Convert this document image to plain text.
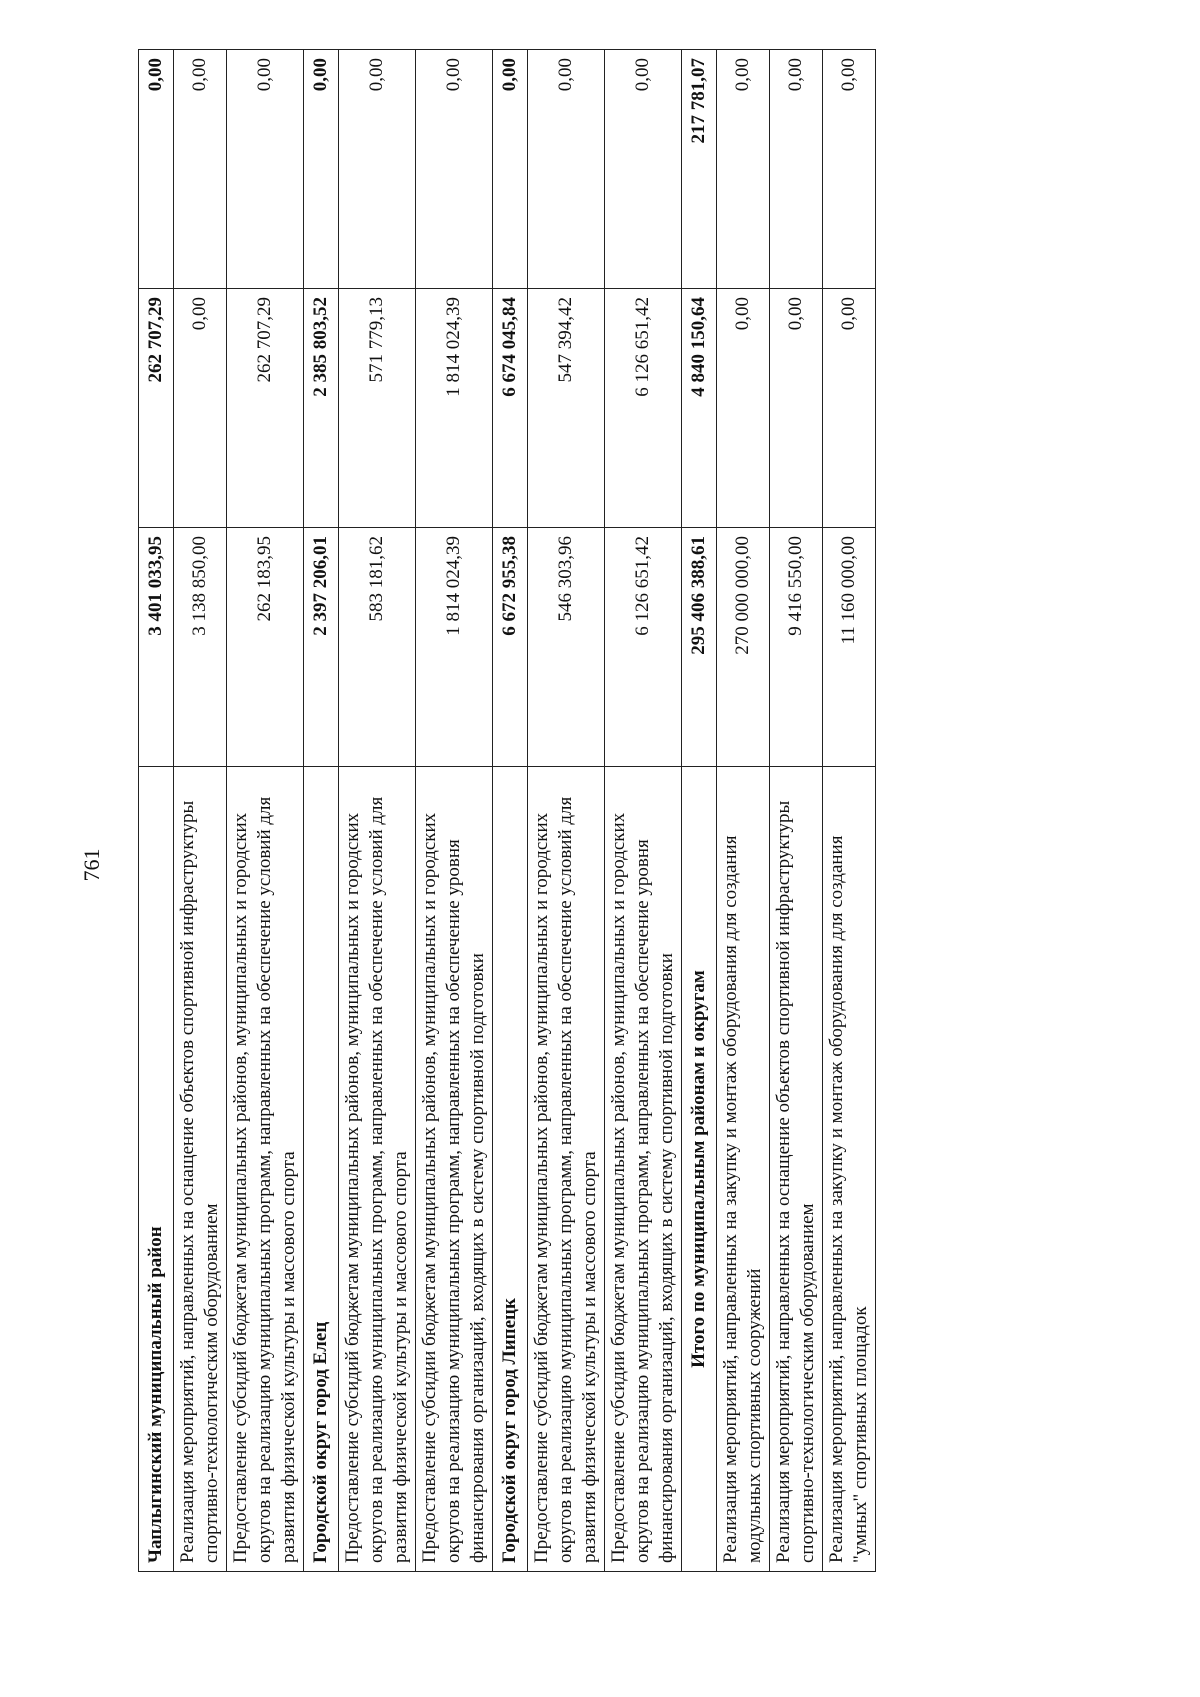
761
Чаплыгинский муниципальный район	3 401 033,95	262 707,29	0,00
Реализация мероприятий, направленных на оснащение объектов спортивной инфраструктуры спортивно-технологическим оборудованием	3 138 850,00	0,00	0,00
Предоставление субсидий бюджетам муниципальных районов, муниципальных и городских округов на реализацию муниципальных программ, направленных на обеспечение условий для развития физической культуры и массового спорта	262 183,95	262 707,29	0,00
Городской округ город Елец	2 397 206,01	2 385 803,52	0,00
Предоставление субсидий бюджетам муниципальных районов, муниципальных и городских округов на реализацию муниципальных программ, направленных на обеспечение условий для развития физической культуры и массового спорта	583 181,62	571 779,13	0,00
Предоставление субсидии бюджетам муниципальных районов, муниципальных и городских округов на реализацию муниципальных программ, направленных на обеспечение уровня финансирования организаций, входящих в систему спортивной подготовки	1 814 024,39	1 814 024,39	0,00
Городской округ город Липецк	6 672 955,38	6 674 045,84	0,00
Предоставление субсидий бюджетам муниципальных районов, муниципальных и городских округов на реализацию муниципальных программ, направленных на обеспечение условий для развития физической культуры и массового спорта	546 303,96	547 394,42	0,00
Предоставление субсидии бюджетам муниципальных районов, муниципальных и городских округов на реализацию муниципальных программ, направленных на обеспечение уровня финансирования организаций, входящих в систему спортивной подготовки	6 126 651,42	6 126 651,42	0,00
Итого по муниципальным районам и округам	295 406 388,61	4 840 150,64	217 781,07
Реализация мероприятий, направленных на закупку и монтаж оборудования для создания модульных спортивных сооружений	270 000 000,00	0,00	0,00
Реализация мероприятий, направленных на оснащение объектов спортивной инфраструктуры спортивно-технологическим оборудованием	9 416 550,00	0,00	0,00
Реализация мероприятий, направленных на закупку и монтаж оборудования для создания "умных" спортивных площадок	11 160 000,00	0,00	0,00
